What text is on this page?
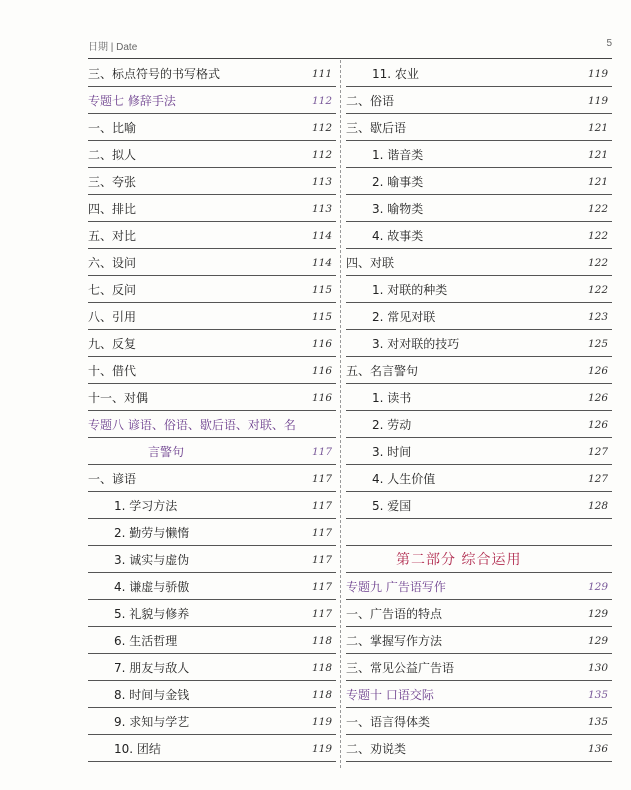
日期 | Date	5
三、标点符号的书写格式	111
专题七 修辞手法	112
一、比喻	112
二、拟人	112
三、夸张	113
四、排比	113
五、对比	114
六、设问	114
七、反问	115
八、引用	115
九、反复	116
十、借代	116
十一、对偶	116
专题八 谚语、俗语、歇后语、对联、名
言警句	117
一、谚语	117
1. 学习方法	117
2. 勤劳与懒惰	117
3. 诚实与虚伪	117
4. 谦虚与骄傲	117
5. 礼貌与修养	117
6. 生活哲理	118
7. 朋友与敌人	118
8. 时间与金钱	118
9. 求知与学艺	119
10. 团结	119
11. 农业	119
二、俗语	119
三、歇后语	121
1. 谐音类	121
2. 喻事类	121
3. 喻物类	122
4. 故事类	122
四、对联	122
1. 对联的种类	122
2. 常见对联	123
3. 对对联的技巧	125
五、名言警句	126
1. 读书	126
2. 劳动	126
3. 时间	127
4. 人生价值	127
5. 爱国	128
第二部分 综合运用
专题九 广告语写作	129
一、广告语的特点	129
二、掌握写作方法	129
三、常见公益广告语	130
专题十 口语交际	135
一、语言得体类	135
二、劝说类	136
